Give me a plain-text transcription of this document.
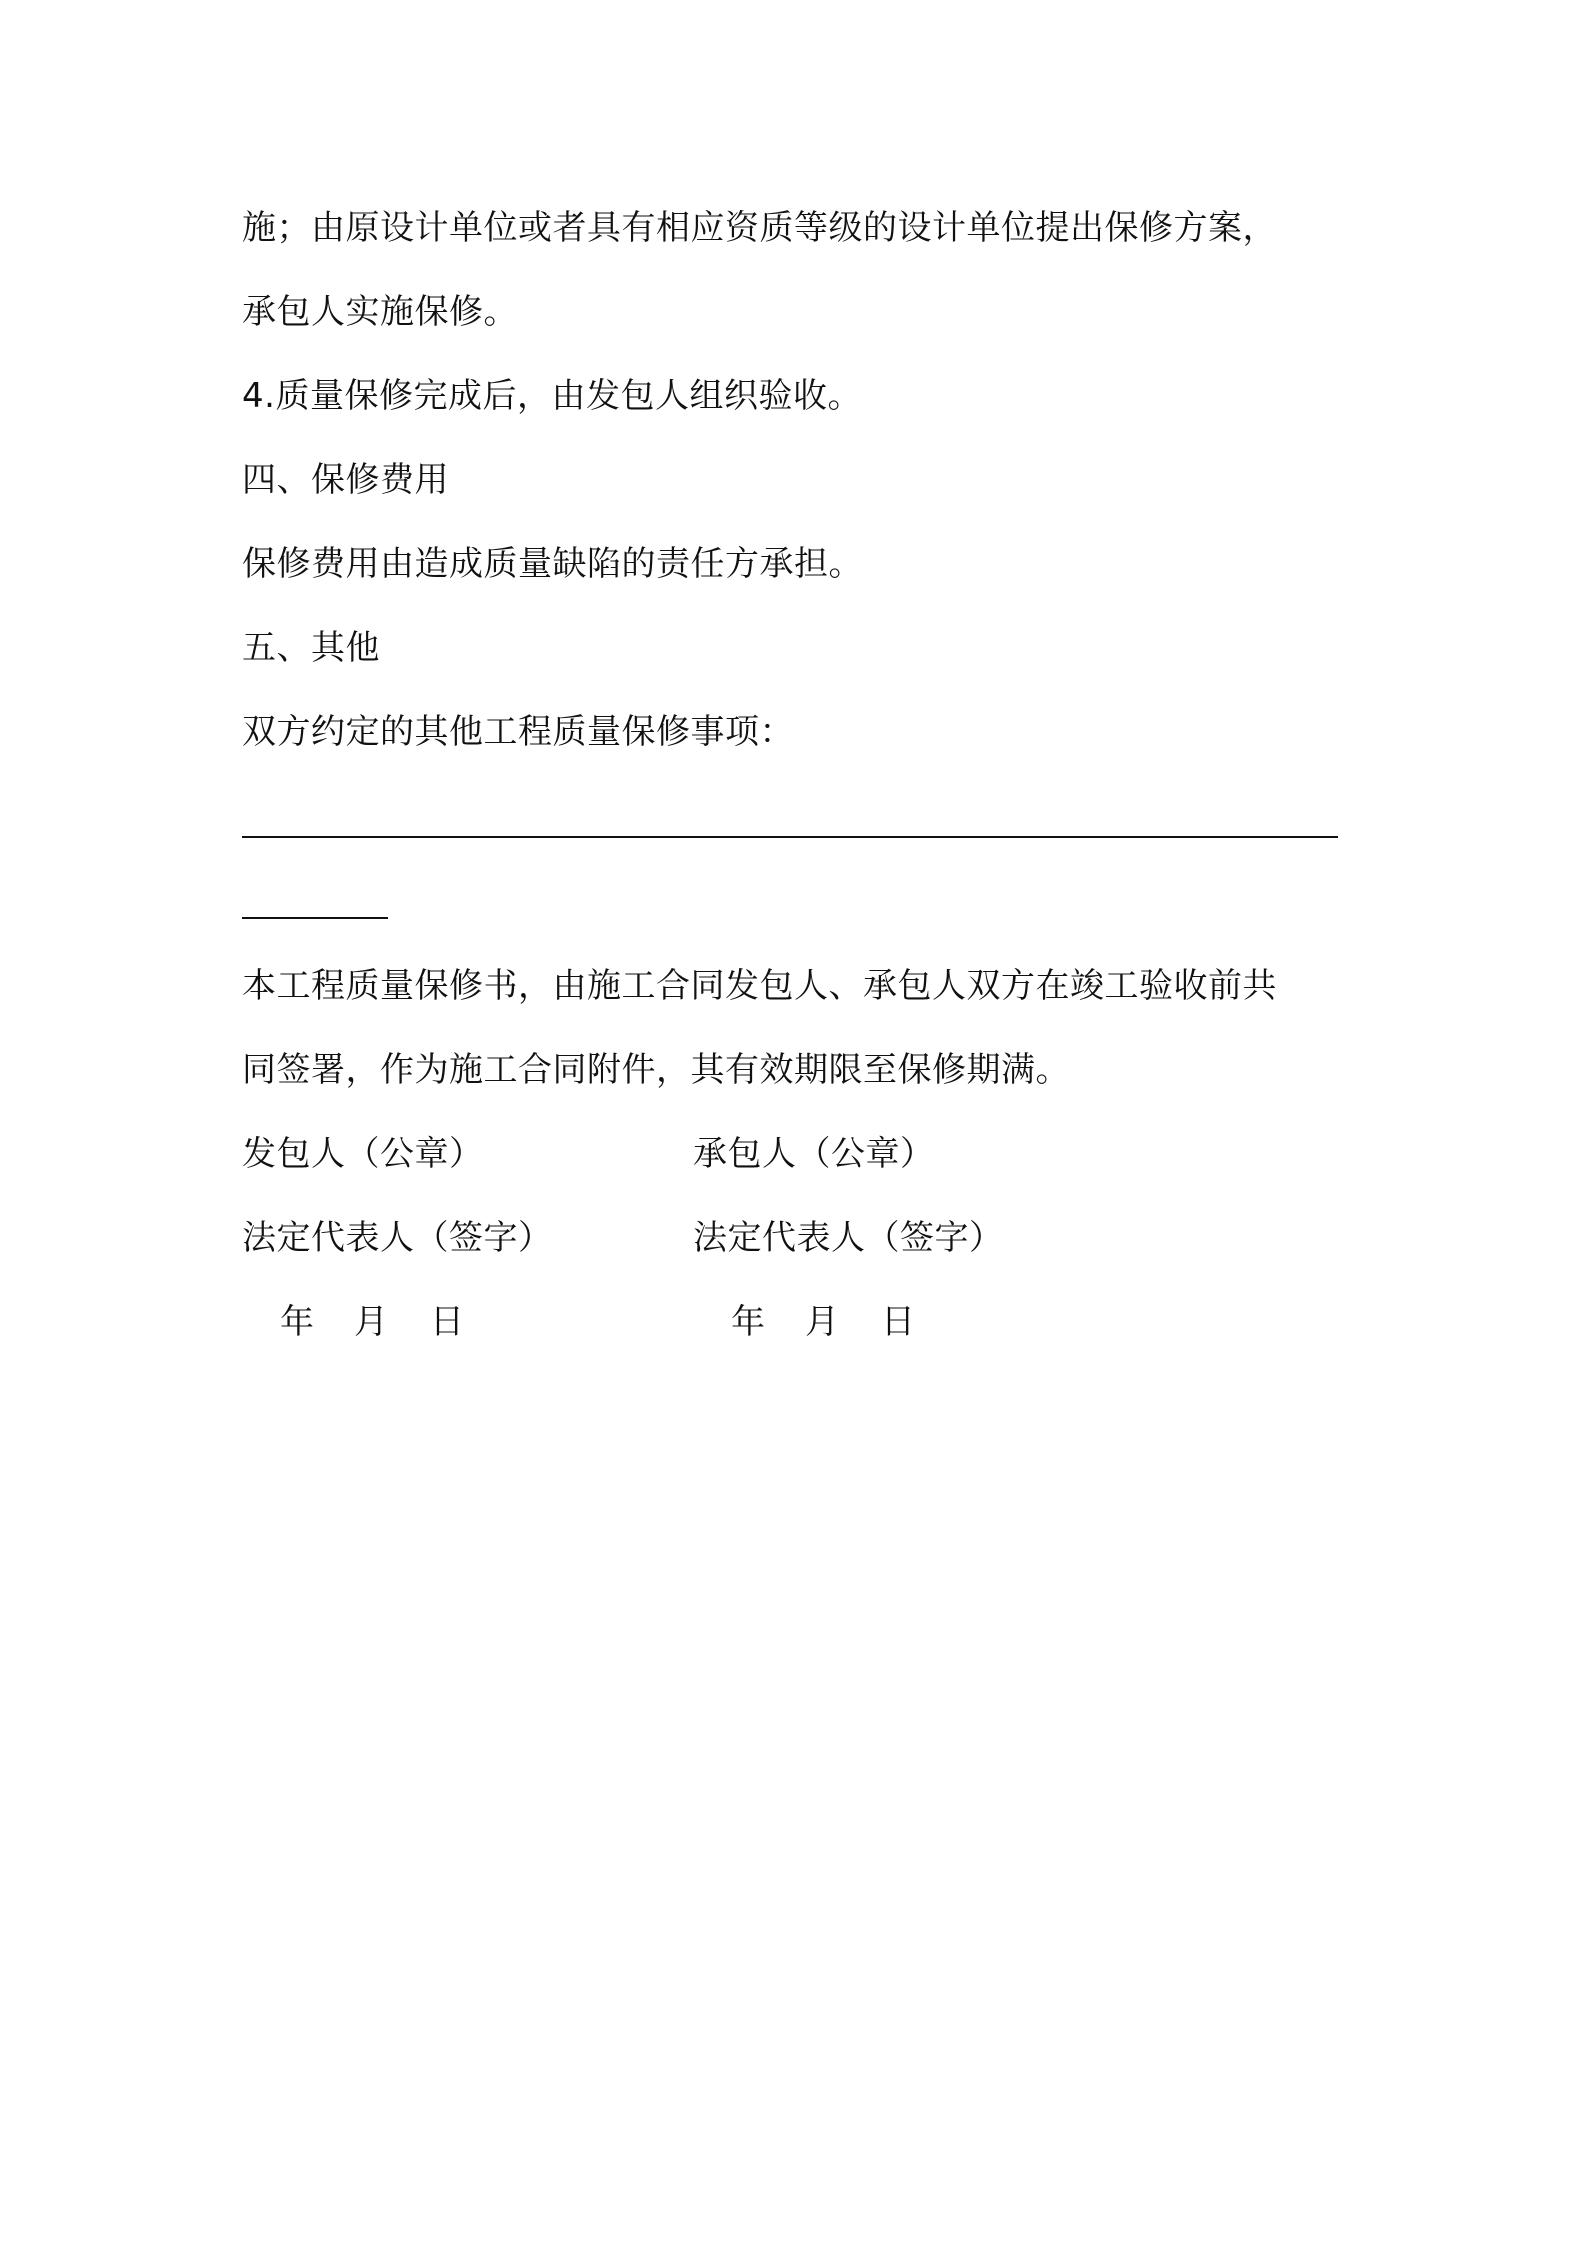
施；由原设计单位或者具有相应资质等级的设计单位提出保修方案，
承包人实施保修。
4.质量保修完成后，由发包人组织验收。
四、保修费用
保修费用由造成质量缺陷的责任方承担。
五、其他
双方约定的其他工程质量保修事项：
本工程质量保修书，由施工合同发包人、承包人双方在竣工验收前共
同签署，作为施工合同附件，其有效期限至保修期满。
发包人（公章）	承包人（公章）
法定代表人（签字）	法定代表人（签字）
年 月 日	年 月 日
